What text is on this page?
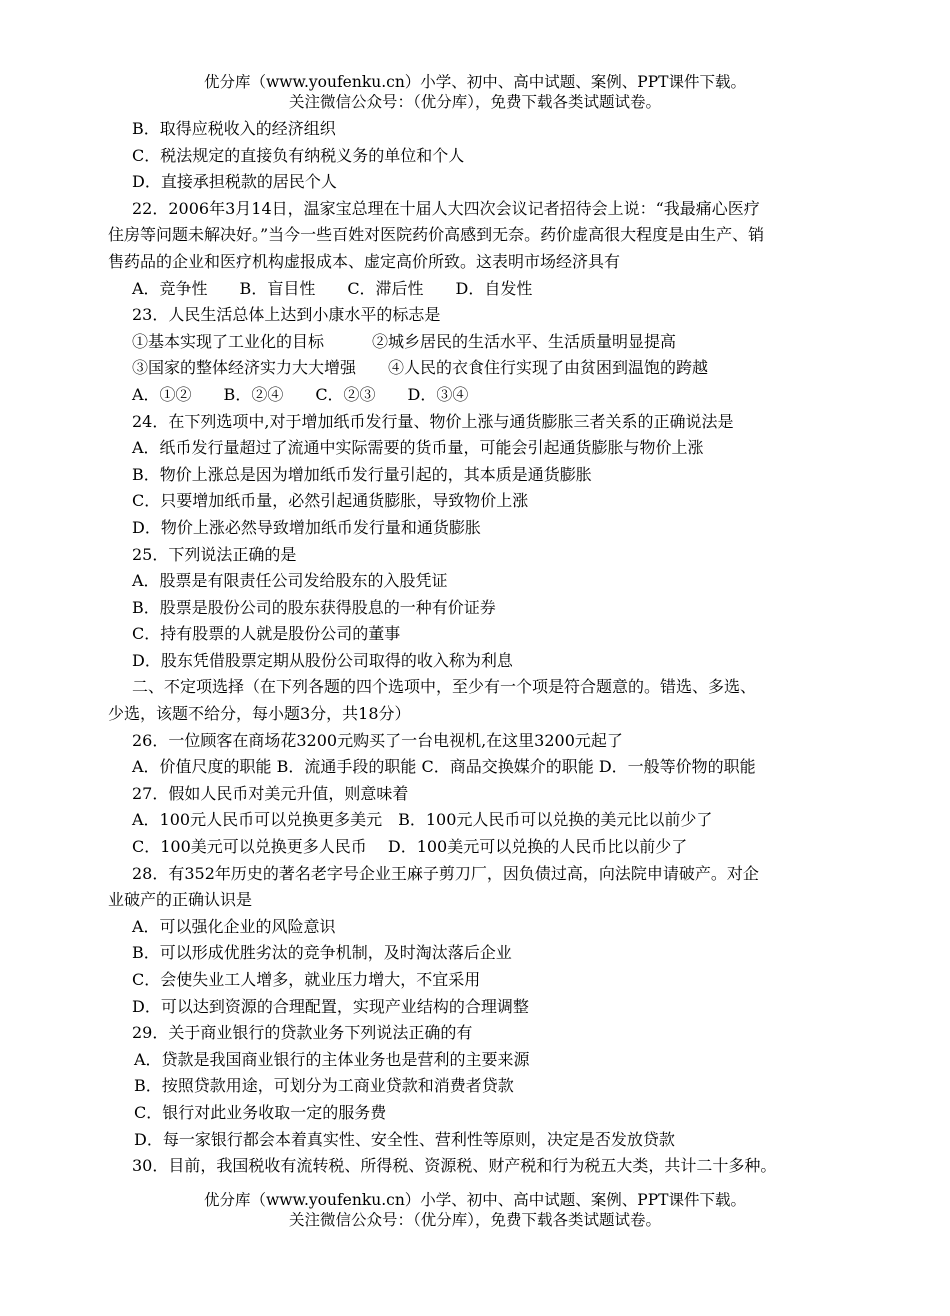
优分库（www.youfenku.cn）小学、初中、高中试题、案例、PPT课件下载。
关注微信公众号：（优分库），免费下载各类试题试卷。
B．取得应税收入的经济组织
C．税法规定的直接负有纳税义务的单位和个人
D．直接承担税款的居民个人
22．2006年3月14日，温家宝总理在十届人大四次会议记者招待会上说：“我最痛心医疗
住房等问题未解决好。”当今一些百姓对医院药价高感到无奈。药价虚高很大程度是由生产、销
售药品的企业和医疗机构虚报成本、虚定高价所致。这表明市场经济具有
A．竞争性　　B．盲目性　　C．滞后性　　D．自发性
23．人民生活总体上达到小康水平的标志是
①基本实现了工业化的目标　　　②城乡居民的生活水平、生活质量明显提高
③国家的整体经济实力大大增强　　④人民的衣食住行实现了由贫困到温饱的跨越
A．①②　　B．②④　　C．②③　　D．③④
24．在下列选项中,对于增加纸币发行量、物价上涨与通货膨胀三者关系的正确说法是
A．纸币发行量超过了流通中实际需要的货币量，可能会引起通货膨胀与物价上涨
B．物价上涨总是因为增加纸币发行量引起的，其本质是通货膨胀
C．只要增加纸币量，必然引起通货膨胀，导致物价上涨
D．物价上涨必然导致增加纸币发行量和通货膨胀
25．下列说法正确的是
A．股票是有限责任公司发给股东的入股凭证
B．股票是股份公司的股东获得股息的一种有价证券
C．持有股票的人就是股份公司的董事
D．股东凭借股票定期从股份公司取得的收入称为利息
二、不定项选择（在下列各题的四个选项中，至少有一个项是符合题意的。错选、多选、
少选，该题不给分，每小题3分，共18分）
26．一位顾客在商场花3200元购买了一台电视机,在这里3200元起了
A．价值尺度的职能 B．流通手段的职能 C．商品交换媒介的职能 D．一般等价物的职能
27．假如人民币对美元升值，则意味着
A．100元人民币可以兑换更多美元　B．100元人民币可以兑换的美元比以前少了
C．100美元可以兑换更多人民币　 D．100美元可以兑换的人民币比以前少了
28．有352年历史的著名老字号企业王麻子剪刀厂，因负债过高，向法院申请破产。对企
业破产的正确认识是
A．可以强化企业的风险意识
B．可以形成优胜劣汰的竞争机制，及时淘汰落后企业
C．会使失业工人增多，就业压力增大，不宜采用
D．可以达到资源的合理配置，实现产业结构的合理调整
29．关于商业银行的贷款业务下列说法正确的有
A．贷款是我国商业银行的主体业务也是营利的主要来源
B．按照贷款用途，可划分为工商业贷款和消费者贷款
C．银行对此业务收取一定的服务费
D．每一家银行都会本着真实性、安全性、营利性等原则，决定是否发放贷款
30．目前，我国税收有流转税、所得税、资源税、财产税和行为税五大类，共计二十多种。
优分库（www.youfenku.cn）小学、初中、高中试题、案例、PPT课件下载。
关注微信公众号：（优分库），免费下载各类试题试卷。
